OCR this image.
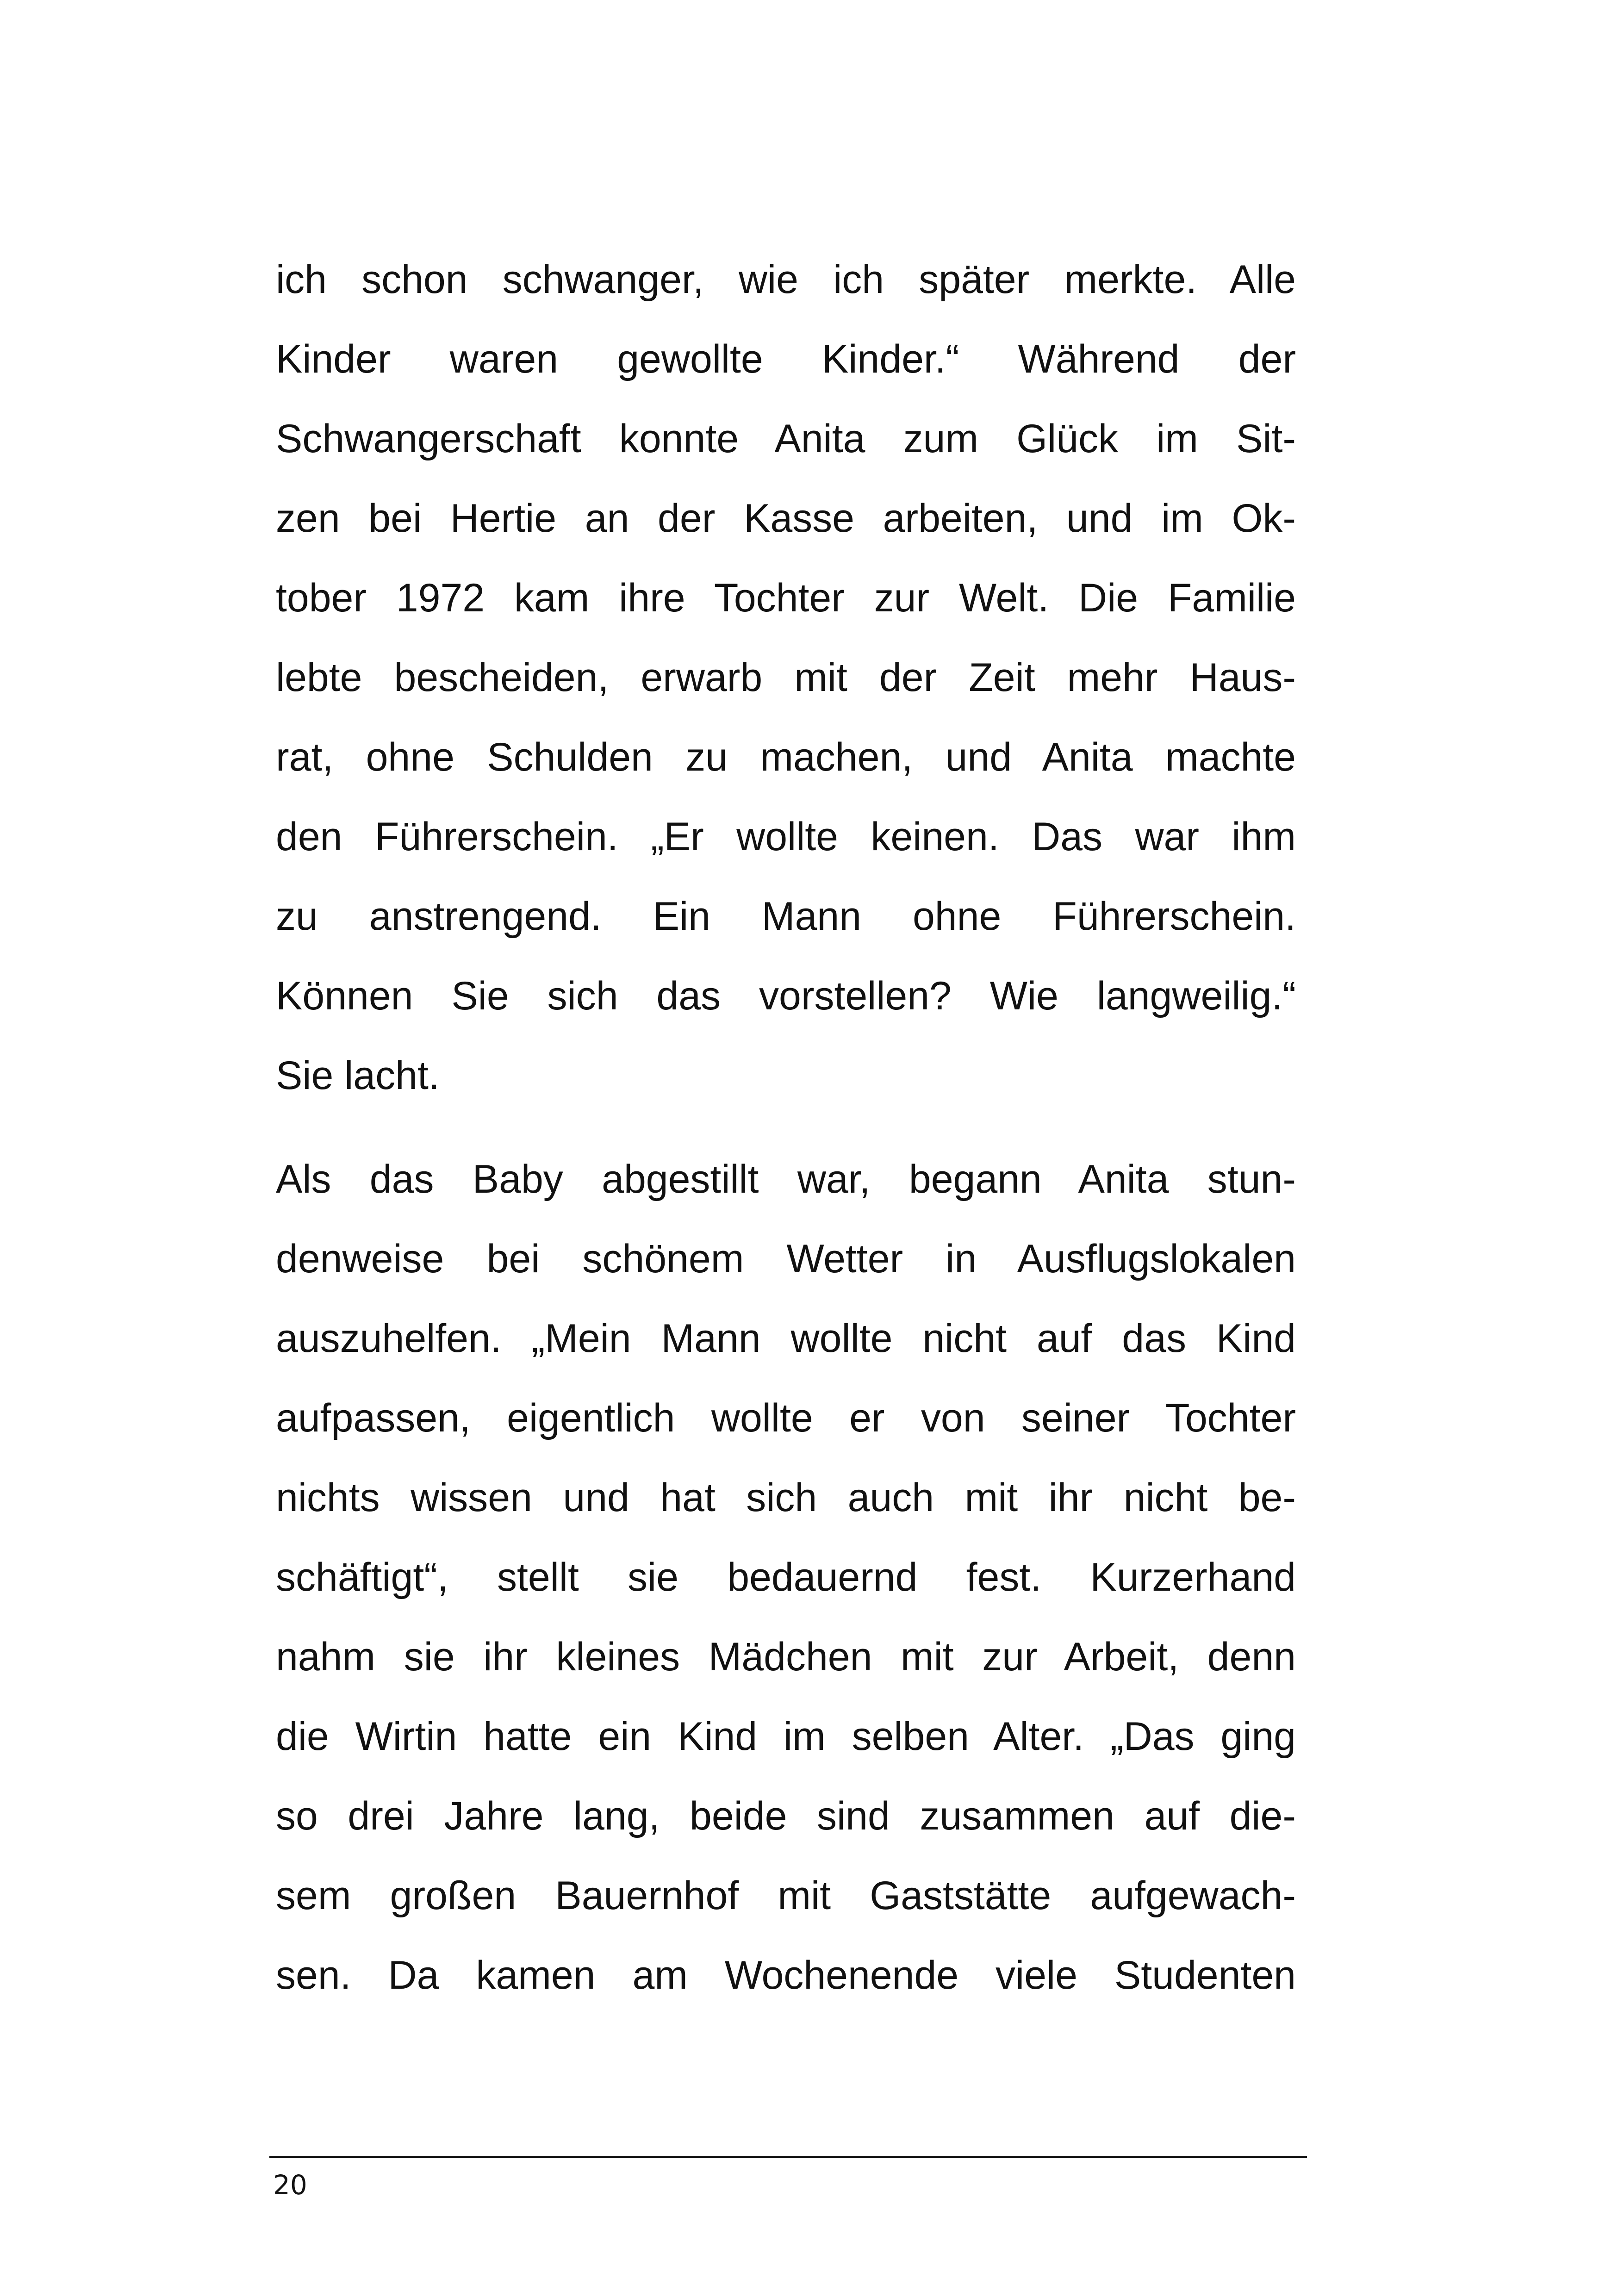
ich schon schwanger, wie ich später merkte. Alle
Kinder waren gewollte Kinder.“ Während der
Schwangerschaft konnte Anita zum Glück im Sit-
zen bei Hertie an der Kasse arbeiten, und im Ok-
tober 1972 kam ihre Tochter zur Welt. Die Familie
lebte bescheiden, erwarb mit der Zeit mehr Haus-
rat, ohne Schulden zu machen, und Anita machte
den Führerschein. „Er wollte keinen. Das war ihm
zu anstrengend. Ein Mann ohne Führerschein.
Können Sie sich das vorstellen? Wie langweilig.“
Sie lacht.
Als das Baby abgestillt war, begann Anita stun-
denweise bei schönem Wetter in Ausflugslokalen
auszuhelfen. „Mein Mann wollte nicht auf das Kind
aufpassen, eigentlich wollte er von seiner Tochter
nichts wissen und hat sich auch mit ihr nicht be-
schäftigt“, stellt sie bedauernd fest. Kurzerhand
nahm sie ihr kleines Mädchen mit zur Arbeit, denn
die Wirtin hatte ein Kind im selben Alter. „Das ging
so drei Jahre lang, beide sind zusammen auf die-
sem großen Bauernhof mit Gaststätte aufgewach-
sen. Da kamen am Wochenende viele Studenten
20
